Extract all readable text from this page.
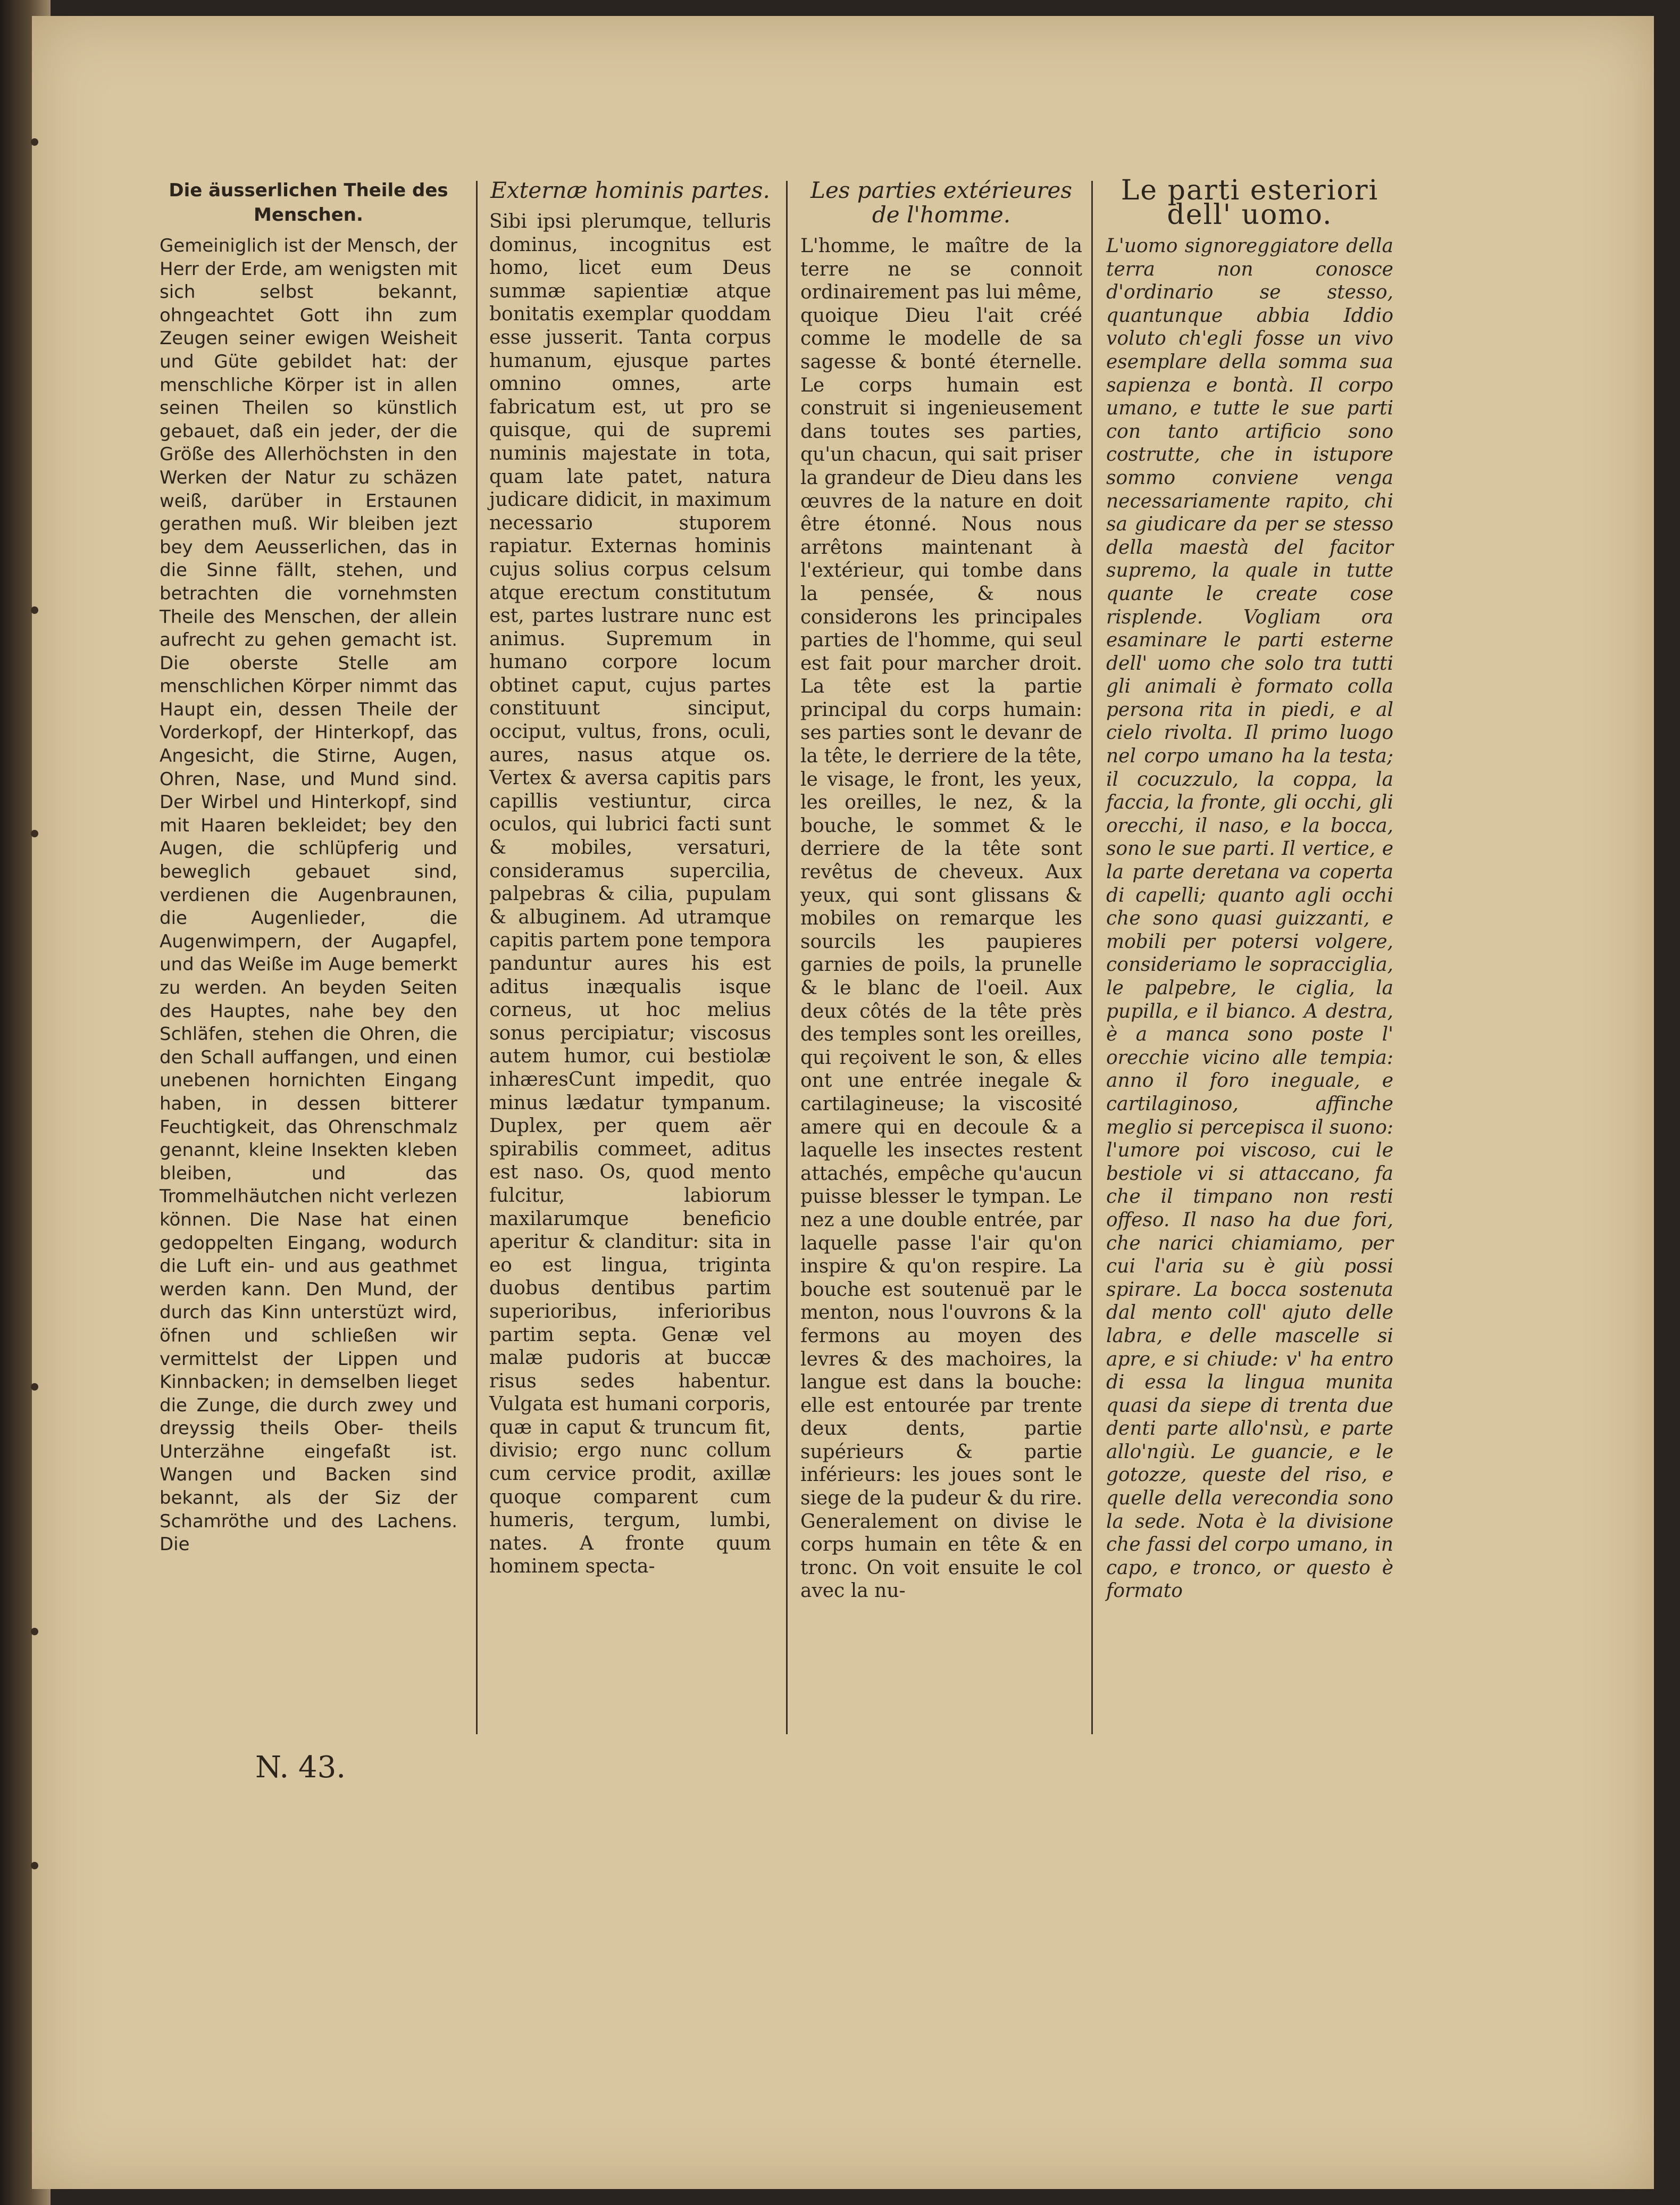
Die äusserlichen Theile des Menschen.
Gemeiniglich ist der Mensch, der Herr der Erde, am wenigsten mit sich selbst bekannt, ohngeachtet Gott ihn zum Zeugen seiner ewigen Weisheit und Güte gebildet hat: der menschliche Körper ist in allen seinen Theilen so künstlich gebauet, daß ein jeder, der die Größe des Allerhöchsten in den Werken der Natur zu schäzen weiß, darüber in Erstaunen gerathen muß. Wir bleiben jezt bey dem Aeusserlichen, das in die Sinne fällt, stehen, und betrachten die vornehmsten Theile des Menschen, der allein aufrecht zu gehen gemacht ist. Die oberste Stelle am menschlichen Körper nimmt das Haupt ein, dessen Theile der Vorderkopf, der Hinterkopf, das Angesicht, die Stirne, Augen, Ohren, Nase, und Mund sind. Der Wirbel und Hinterkopf, sind mit Haaren bekleidet; bey den Augen, die schlüpferig und beweglich gebauet sind, verdienen die Augenbraunen, die Augenlieder, die Augenwimpern, der Augapfel, und das Weiße im Auge bemerkt zu werden. An beyden Seiten des Hauptes, nahe bey den Schläfen, stehen die Ohren, die den Schall auffangen, und einen unebenen hornichten Eingang haben, in dessen bitterer Feuchtigkeit, das Ohrenschmalz genannt, kleine Insekten kleben bleiben, und das Trommelhäutchen nicht verlezen können. Die Nase hat einen gedoppelten Eingang, wodurch die Luft ein- und aus geathmet werden kann. Den Mund, der durch das Kinn unterstüzt wird, öfnen und schließen wir vermittelst der Lippen und Kinnbacken; in demselben lieget die Zunge, die durch zwey und dreyssig theils Ober- theils Unterzähne eingefaßt ist. Wangen und Backen sind bekannt, als der Siz der Schamröthe und des Lachens. Die
Externæ hominis partes.
Sibi ipsi plerumque, telluris dominus, incognitus est homo, licet eum Deus summæ sapientiæ atque bonitatis exemplar quoddam esse jusserit. Tanta corpus humanum, ejusque partes omnino omnes, arte fabricatum est, ut pro se quisque, qui de supremi numinis majestate in tota, quam late patet, natura judicare didicit, in maximum necessario stuporem rapiatur. Externas hominis cujus solius corpus celsum atque erectum constitutum est, partes lustrare nunc est animus. Supremum in humano corpore locum obtinet caput, cujus partes constituunt sinciput, occiput, vultus, frons, oculi, aures, nasus atque os. Vertex & aversa capitis pars capillis vestiuntur, circa oculos, qui lubrici facti sunt & mobiles, versaturi, consideramus supercilia, palpebras & cilia, pupulam & albuginem. Ad utramque capitis partem pone tempora panduntur aures his est aditus inæqualis isque corneus, ut hoc melius sonus percipiatur; viscosus autem humor, cui bestiolæ inhæresCunt impedit, quo minus lædatur tympanum. Duplex, per quem aër spirabilis commeet, aditus est naso. Os, quod mento fulcitur, labiorum maxilarumque beneficio aperitur & clanditur: sita in eo est lingua, triginta duobus dentibus partim superioribus, inferioribus partim septa. Genæ vel malæ pudoris at buccæ risus sedes habentur. Vulgata est humani corporis, quæ in caput & truncum fit, divisio; ergo nunc collum cum cervice prodit, axillæ quoque comparent cum humeris, tergum, lumbi, nates. A fronte quum hominem specta-
Les parties extérieures de l'homme.
L'homme, le maître de la terre ne se connoit ordinairement pas lui même, quoique Dieu l'ait créé comme le modelle de sa sagesse & bonté éternelle. Le corps humain est construit si ingenieusement dans toutes ses parties, qu'un chacun, qui sait priser la grandeur de Dieu dans les œuvres de la nature en doit être étonné. Nous nous arrêtons maintenant à l'extérieur, qui tombe dans la pensée, & nous considerons les principales parties de l'homme, qui seul est fait pour marcher droit. La tête est la partie principal du corps humain: ses parties sont le devanr de la tête, le derriere de la tête, le visage, le front, les yeux, les oreilles, le nez, & la bouche, le sommet & le derriere de la tête sont revêtus de cheveux. Aux yeux, qui sont glissans & mobiles on remarque les sourcils les paupieres garnies de poils, la prunelle & le blanc de l'oeil. Aux deux côtés de la tête près des temples sont les oreilles, qui reçoivent le son, & elles ont une entrée inegale & cartilagineuse; la viscosité amere qui en decoule & a laquelle les insectes restent attachés, empêche qu'aucun puisse blesser le tympan. Le nez a une double entrée, par laquelle passe l'air qu'on inspire & qu'on respire. La bouche est soutenuë par le menton, nous l'ouvrons & la fermons au moyen des levres & des machoires, la langue est dans la bouche: elle est entourée par trente deux dents, partie supérieurs & partie inférieurs: les joues sont le siege de la pudeur & du rire. Generalement on divise le corps humain en tête & en tronc. On voit ensuite le col avec la nu-
Le parti esteriori dell' uomo.
L'uomo signoreggiatore della terra non conosce d'ordinario se stesso, quantunque abbia Iddio voluto ch'egli fosse un vivo esemplare della somma sua sapienza e bontà. Il corpo umano, e tutte le sue parti con tanto artificio sono costrutte, che in istupore sommo conviene venga necessariamente rapito, chi sa giudicare da per se stesso della maestà del facitor supremo, la quale in tutte quante le create cose risplende. Vogliam ora esaminare le parti esterne dell' uomo che solo tra tutti gli animali è formato colla persona rita in piedi, e al cielo rivolta. Il primo luogo nel corpo umano ha la testa; il cocuzzulo, la coppa, la faccia, la fronte, gli occhi, gli orecchi, il naso, e la bocca, sono le sue parti. Il vertice, e la parte deretana va coperta di capelli; quanto agli occhi che sono quasi guizzanti, e mobili per potersi volgere, consideriamo le sopracciglia, le palpebre, le ciglia, la pupilla, e il bianco. A destra, è a manca sono poste l' orecchie vicino alle tempia: anno il foro ineguale, e cartilaginoso, affinche meglio si percepisca il suono: l'umore poi viscoso, cui le bestiole vi si attaccano, fa che il timpano non resti offeso. Il naso ha due fori, che narici chiamiamo, per cui l'aria su è giù possi spirare. La bocca sostenuta dal mento coll' ajuto delle labra, e delle mascelle si apre, e si chiude: v' ha entro di essa la lingua munita quasi da siepe di trenta due denti parte allo'nsù, e parte allo'ngiù. Le guancie, e le gotozze, queste del riso, e quelle della verecondia sono la sede. Nota è la divisione che fassi del corpo umano, in capo, e tronco, or questo è formato
N. 43.
